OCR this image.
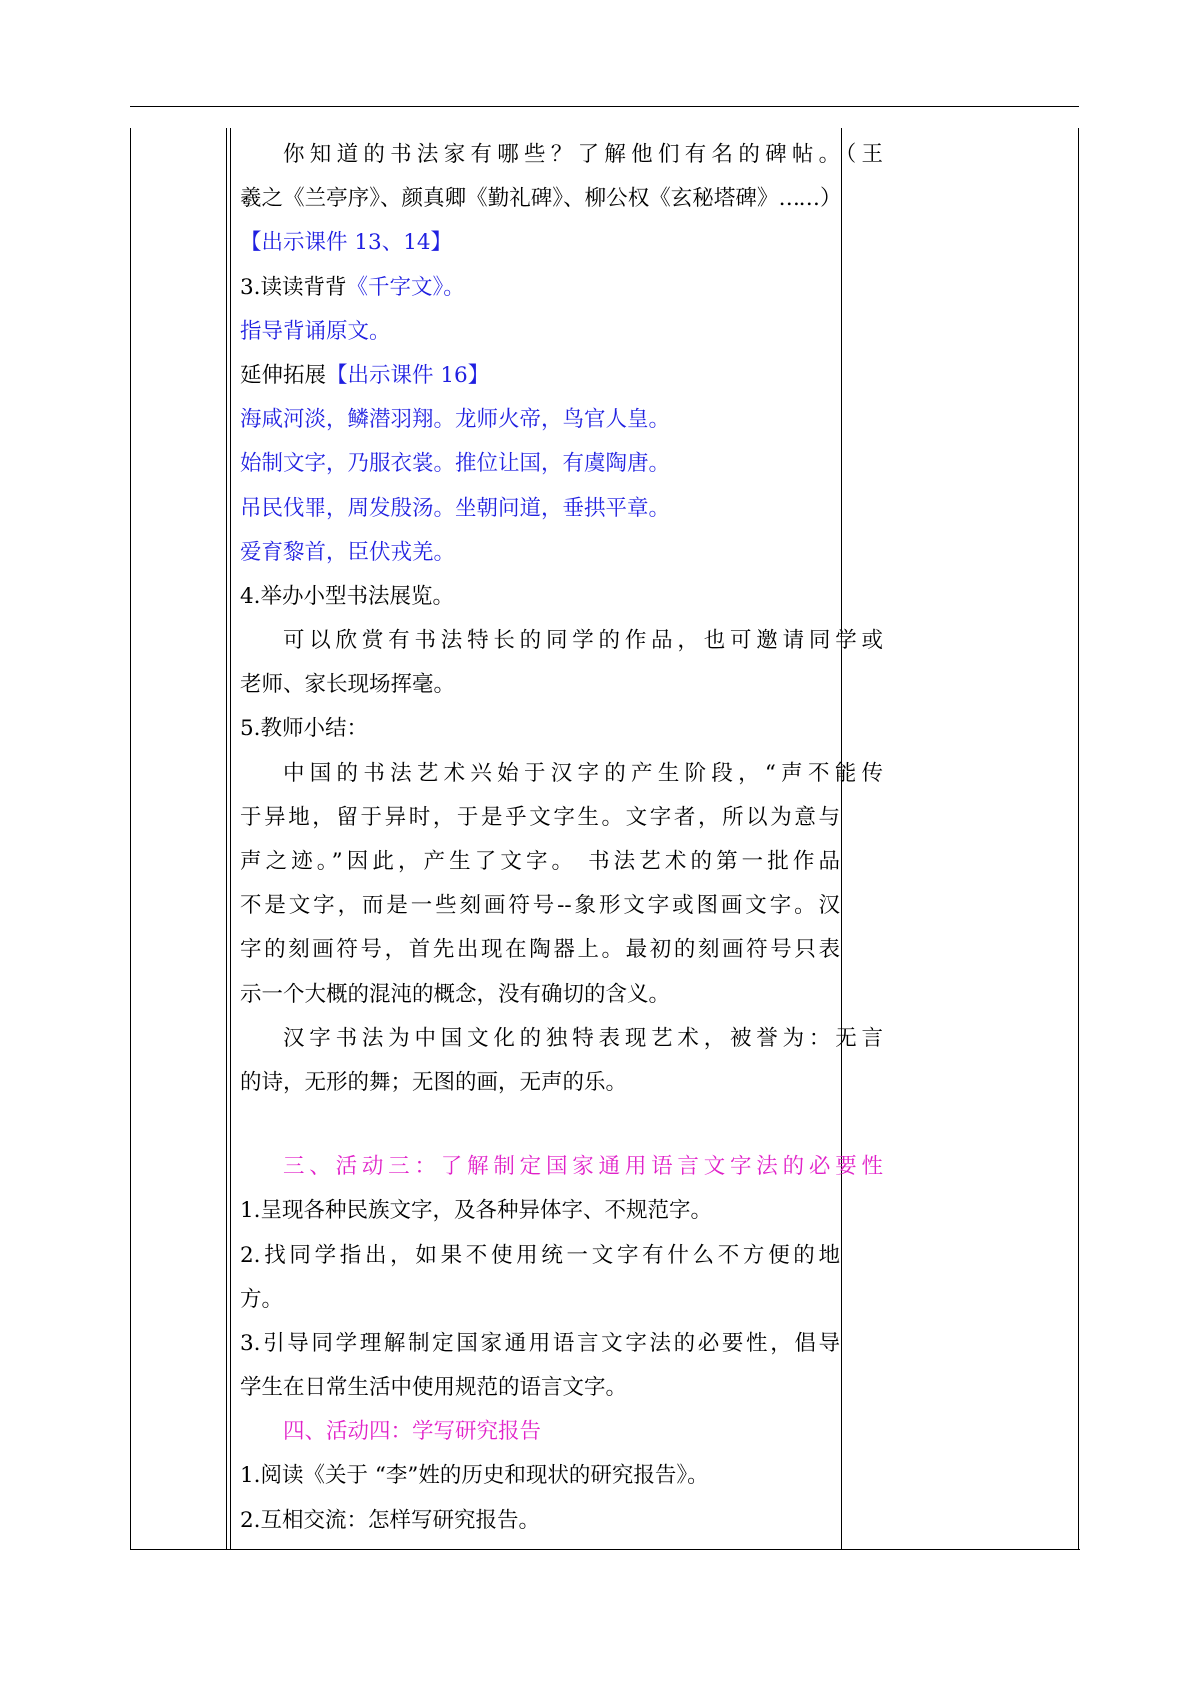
你知道的书法家有哪些？了解他们有名的碑帖。（王
羲之《兰亭序》、颜真卿《勤礼碑》、柳公权《玄秘塔碑》……）
【出示课件 13、14】
3.读读背背《千字文》。
指导背诵原文。
延伸拓展【出示课件 16】
海咸河淡，鳞潜羽翔。龙师火帝，鸟官人皇。
始制文字，乃服衣裳。推位让国，有虞陶唐。
吊民伐罪，周发殷汤。坐朝问道，垂拱平章。
爱育黎首，臣伏戎羌。
4.举办小型书法展览。
可以欣赏有书法特长的同学的作品，也可邀请同学或
老师、家长现场挥毫。
5.教师小结：
中国的书法艺术兴始于汉字的产生阶段，“声不能传
于异地，留于异时，于是乎文字生。文字者，所以为意与
声之迹。”因此，产生了文字。 书法艺术的第一批作品
不是文字，而是一些刻画符号--象形文字或图画文字。汉
字的刻画符号，首先出现在陶器上。最初的刻画符号只表
示一个大概的混沌的概念，没有确切的含义。
汉字书法为中国文化的独特表现艺术，被誉为：无言
的诗，无形的舞；无图的画，无声的乐。
三、活动三：了解制定国家通用语言文字法的必要性
1.呈现各种民族文字，及各种异体字、不规范字。
2.找同学指出，如果不使用统一文字有什么不方便的地
方。
3.引导同学理解制定国家通用语言文字法的必要性，倡导
学生在日常生活中使用规范的语言文字。
四、活动四：学写研究报告
1.阅读《关于 “李”姓的历史和现状的研究报告》。
2.互相交流：怎样写研究报告。
